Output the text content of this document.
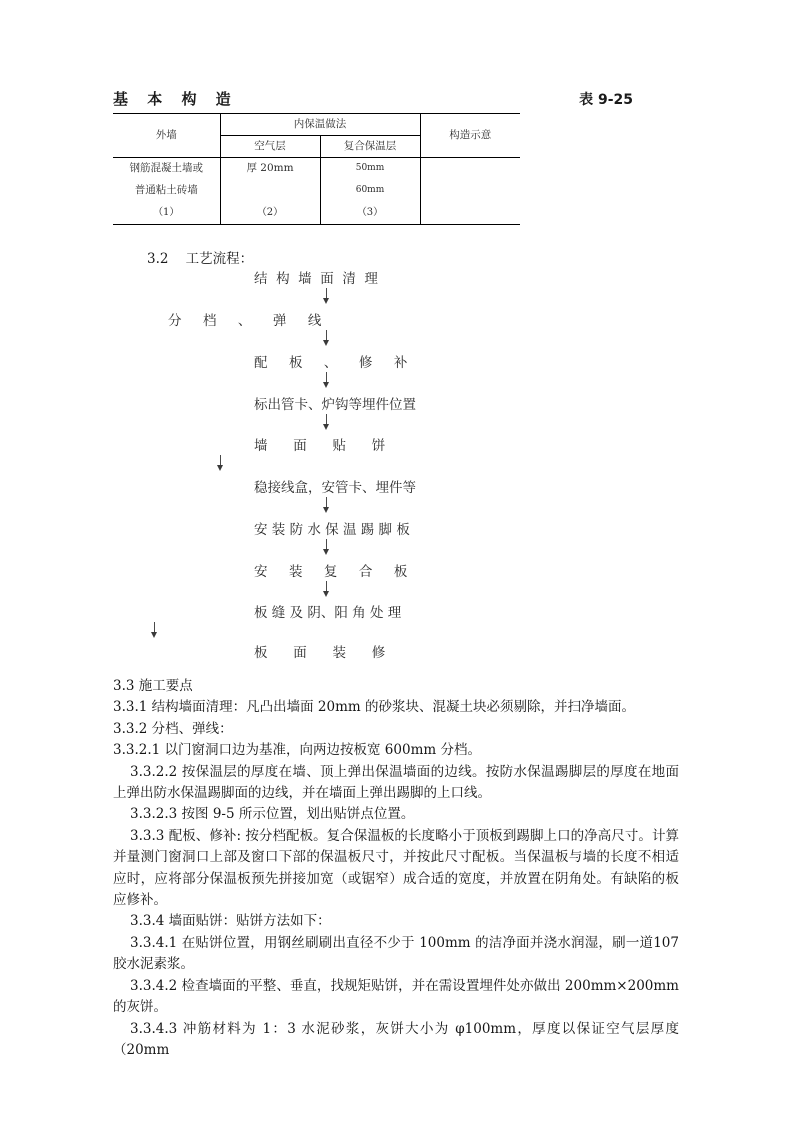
基 本 构 造	表 9-25
外墙	内保温做法		构造示意
	空气层	复合保温层	
钢筋混凝土墙或	厚 20mm	50mm	
普通粘土砖墙		60mm	
（1）	（2）	（3）	
3.2    工艺流程：
结  构  墙  面  清  理
分     档     、     弹     线
配     板     、     修     补
标出管卡、炉钩等埋件位置
墙      面      贴      饼
稳接线盒，安管卡、埋件等
安 装 防 水 保 温 踢 脚 板
安     装     复     合     板
板 缝 及 阴、阳 角 处 理
板      面      装      修

3.3 施工要点

3.3.1 结构墙面清理：凡凸出墙面 20mm 的砂浆块、混凝土块必须剔除，并扫净墙面。

3.3.2 分档、弹线：

3.3.2.1 以门窗洞口边为基准，向两边按板宽 600mm 分档。

3.3.2.2 按保温层的厚度在墙、顶上弹出保温墙面的边线。按防水保温踢脚层的厚度在地面上弹出防水保温踢脚面的边线，并在墙面上弹出踢脚的上口线。

3.3.2.3 按图 9-5 所示位置，划出贴饼点位置。

3.3.3 配板、修补: 按分档配板。复合保温板的长度略小于顶板到踢脚上口的净高尺寸。计算并量测门窗洞口上部及窗口下部的保温板尺寸，并按此尺寸配板。当保温板与墙的长度不相适应时，应将部分保温板预先拼接加宽（或锯窄）成合适的宽度，并放置在阴角处。有缺陷的板应修补。

3.3.4 墙面贴饼：贴饼方法如下：

3.3.4.1 在贴饼位置，用钢丝刷刷出直径不少于 100mm 的洁净面并浇水润湿，刷一道107 胶水泥素浆。

3.3.4.2 检查墙面的平整、垂直，找规矩贴饼，并在需设置埋件处亦做出 200mm×200mm 的灰饼。

3.3.4.3 冲筋材料为 1：3 水泥砂浆，灰饼大小为 φ100mm，厚度以保证空气层厚度（20mm
